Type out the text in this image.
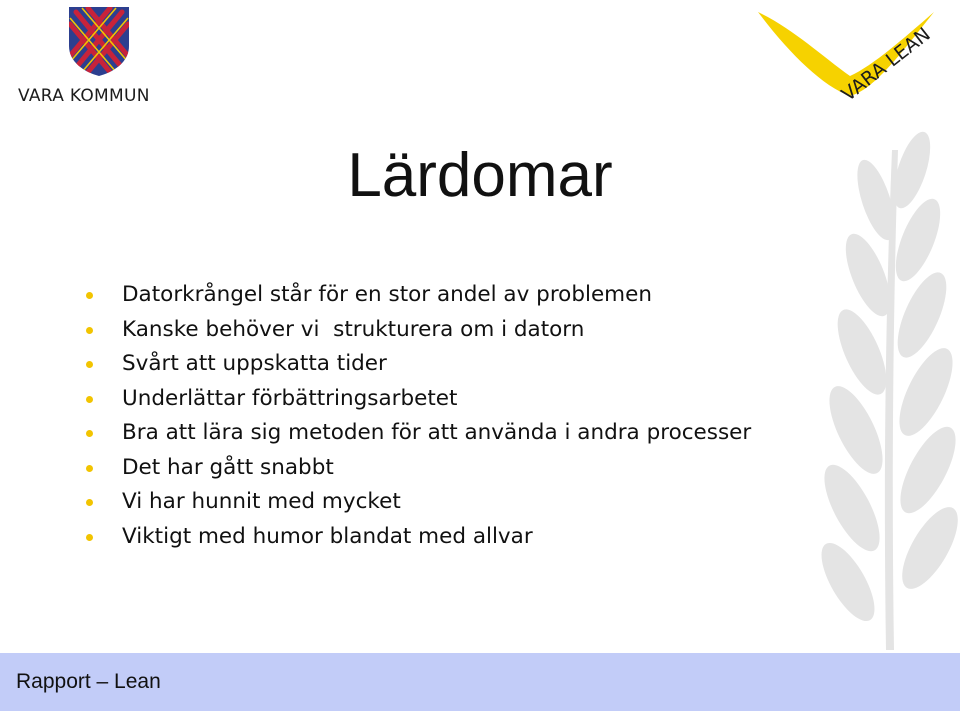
VARA KOMMUN	VARA LEAN
Lärdomar
Datorkrångel står för en stor andel av problemen
Kanske behöver vi  strukturera om i datorn
Svårt att uppskatta tider
Underlättar förbättringsarbetet
Bra att lära sig metoden för att använda i andra processer
Det har gått snabbt
Vi har hunnit med mycket
Viktigt med humor blandat med allvar
Rapport – Lean
